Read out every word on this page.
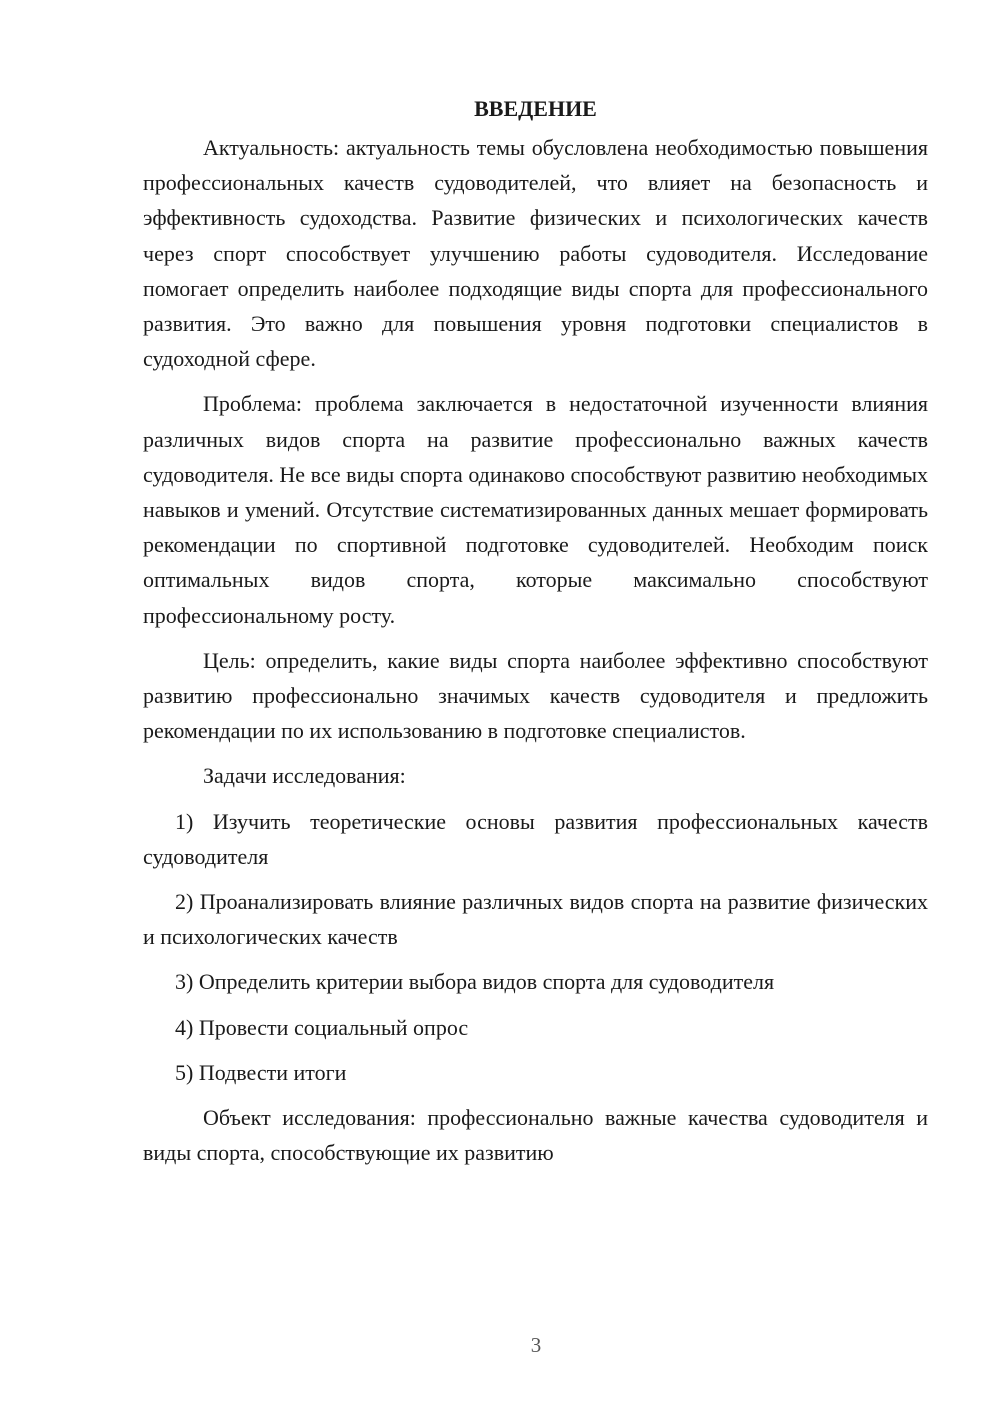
ВВЕДЕНИЕ

Актуальность: актуальность темы обусловлена необходимостью повышения профессиональных качеств судоводителей, что влияет на безопасность и эффективность судоходства. Развитие физических и психологических качеств через спорт способствует улучшению работы судоводителя. Исследование помогает определить наиболее подходящие виды спорта для профессионального развития. Это важно для повышения уровня подготовки специалистов в судоходной сфере.

Проблема: проблема заключается в недостаточной изученности влияния различных видов спорта на развитие профессионально важных качеств судоводителя. Не все виды спорта одинаково способствуют развитию необходимых навыков и умений. Отсутствие систематизированных данных мешает формировать рекомендации по спортивной подготовке судоводителей. Необходим поиск оптимальных видов спорта, которые максимально способствуют профессиональному росту.

Цель: определить, какие виды спорта наиболее эффективно способствуют развитию профессионально значимых качеств судоводителя и предложить рекомендации по их использованию в подготовке специалистов.

Задачи исследования:

1) Изучить теоретические основы развития профессиональных качеств судоводителя

2) Проанализировать влияние различных видов спорта на развитие физических и психологических качеств

3) Определить критерии выбора видов спорта для судоводителя

4) Провести социальный опрос

5) Подвести итоги

Объект исследования: профессионально важные качества судоводителя и виды спорта, способствующие их развитию

3
